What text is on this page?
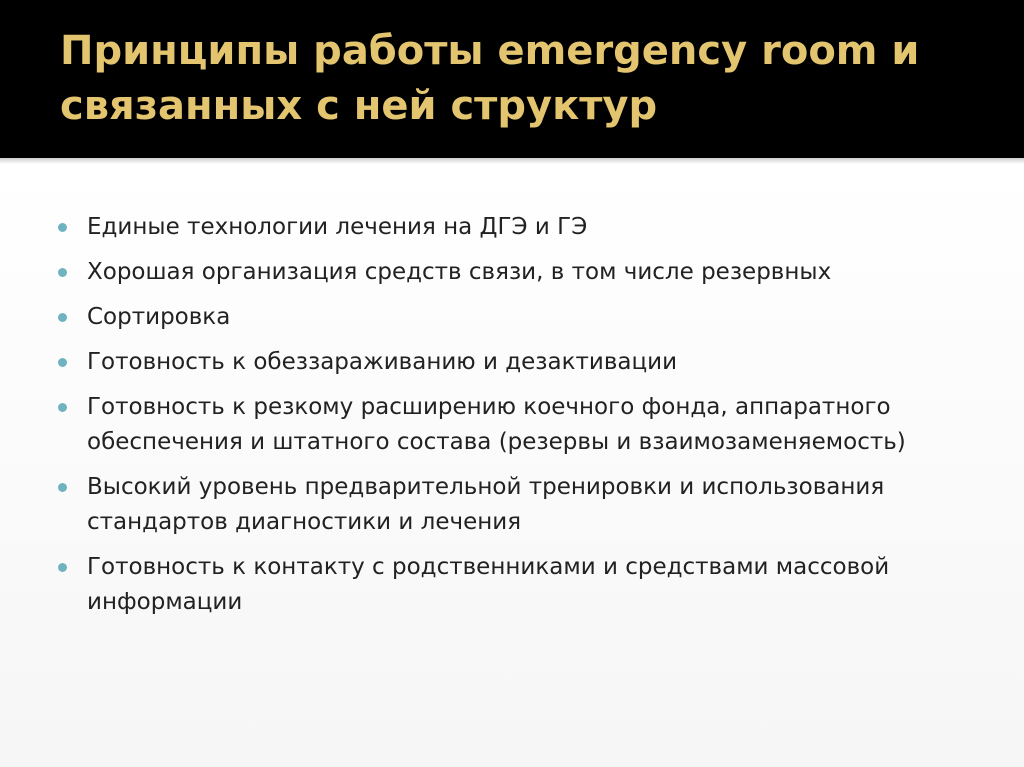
Принципы работы emergency room и связанных с ней структур
Единые технологии лечения на ДГЭ и ГЭ
Хорошая организация средств связи, в том числе резервных
Сортировка
Готовность к обеззараживанию и дезактивации
Готовность к резкому расширению коечного фонда, аппаратного обеспечения и штатного состава (резервы и взаимозаменяемость)
Высокий уровень предварительной тренировки и использования стандартов диагностики и лечения
Готовность к контакту с родственниками и средствами массовой информации
